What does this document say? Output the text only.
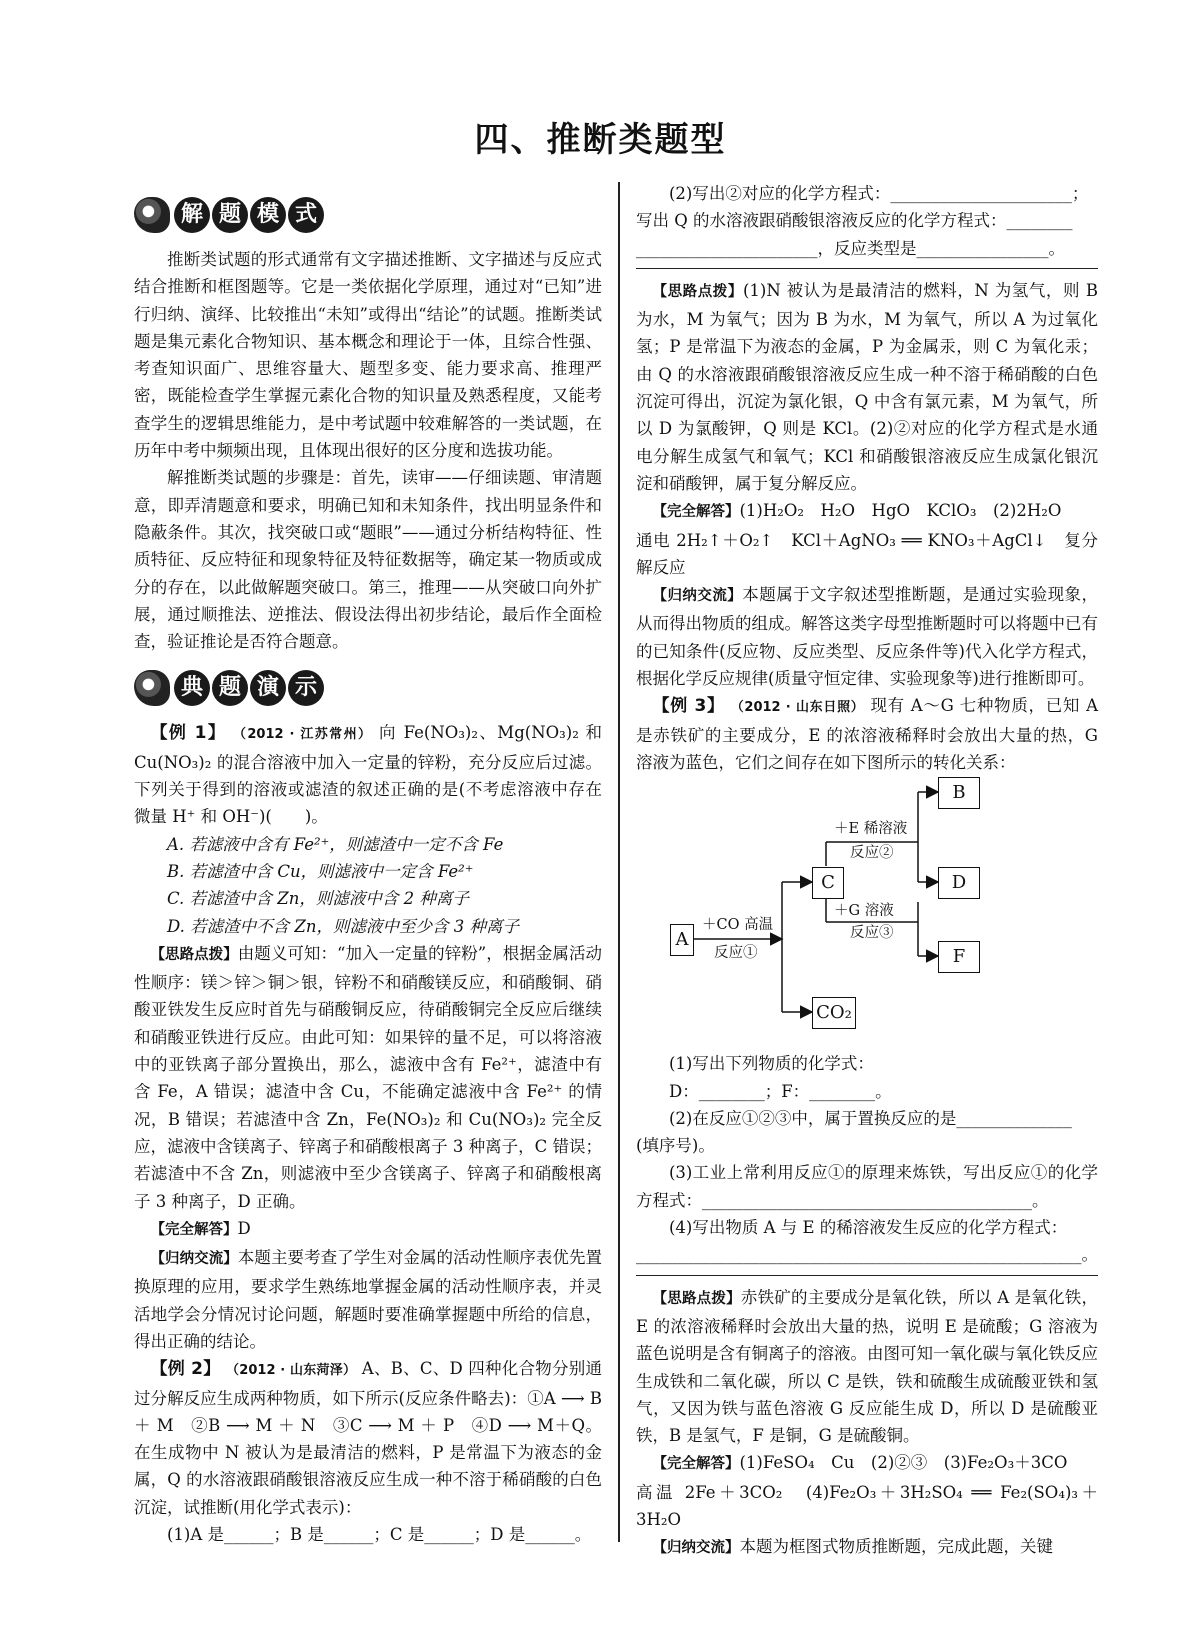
四、推断类题型
解 题 模 式

推断类试题的形式通常有文字描述推断、文字描述与反应式结合推断和框图题等。它是一类依据化学原理，通过对“已知”进行归纳、演绎、比较推出“未知”或得出“结论”的试题。推断类试题是集元素化合物知识、基本概念和理论于一体，且综合性强、考查知识面广、思维容量大、题型多变、能力要求高、推理严密，既能检查学生掌握元素化合物的知识量及熟悉程度，又能考查学生的逻辑思维能力，是中考试题中较难解答的一类试题，在历年中考中频频出现，且体现出很好的区分度和选拔功能。

解推断类试题的步骤是：首先，读审——仔细读题、审清题意，即弄清题意和要求，明确已知和未知条件，找出明显条件和隐蔽条件。其次，找突破口或“题眼”——通过分析结构特征、性质特征、反应特征和现象特征及特征数据等，确定某一物质或成分的存在，以此做解题突破口。第三，推理——从突破口向外扩展，通过顺推法、逆推法、假设法得出初步结论，最后作全面检查，验证推论是否符合题意。

典 题 演 示

【例 1】 （2012 · 江苏常州） 向 Fe(NO₃)₂、Mg(NO₃)₂ 和 Cu(NO₃)₂ 的混合溶液中加入一定量的锌粉，充分反应后过滤。下列关于得到的溶液或滤渣的叙述正确的是(不考虑溶液中存在微量 H⁺ 和 OH⁻)(　　)。

A. 若滤液中含有 Fe²⁺，则滤渣中一定不含 Fe

B. 若滤渣中含 Cu，则滤液中一定含 Fe²⁺

C. 若滤渣中含 Zn，则滤液中含 2 种离子

D. 若滤渣中不含 Zn，则滤液中至少含 3 种离子

【思路点拨】由题义可知：“加入一定量的锌粉”，根据金属活动性顺序：镁＞锌＞铜＞银，锌粉不和硝酸镁反应，和硝酸铜、硝酸亚铁发生反应时首先与硝酸铜反应，待硝酸铜完全反应后继续和硝酸亚铁进行反应。由此可知：如果锌的量不足，可以将溶液中的亚铁离子部分置换出，那么，滤液中含有 Fe²⁺，滤渣中有含 Fe，A 错误；滤渣中含 Cu，不能确定滤液中含 Fe²⁺ 的情况，B 错误；若滤渣中含 Zn，Fe(NO₃)₂ 和 Cu(NO₃)₂ 完全反应，滤液中含镁离子、锌离子和硝酸根离子 3 种离子，C 错误；若滤渣中不含 Zn，则滤液中至少含镁离子、锌离子和硝酸根离子 3 种离子，D 正确。

【完全解答】D

【归纳交流】本题主要考查了学生对金属的活动性顺序表优先置换原理的应用，要求学生熟练地掌握金属的活动性顺序表，并灵活地学会分情况讨论问题，解题时要准确掌握题中所给的信息，得出正确的结论。

【例 2】 （2012 · 山东菏泽） A、B、C、D 四种化合物分别通过分解反应生成两种物质，如下所示(反应条件略去)：①A ⟶ B ＋ M　②B ⟶ M ＋ N　③C ⟶ M ＋ P　④D ⟶ M＋Q。在生成物中 N 被认为是最清洁的燃料，P 是常温下为液态的金属，Q 的水溶液跟硝酸银溶液反应生成一种不溶于稀硝酸的白色沉淀，试推断(用化学式表示)：

(1)A 是______；B 是______；C 是______；D 是______。

(2)写出②对应的化学方程式：______________________；

写出 Q 的水溶液跟硝酸银溶液反应的化学方程式：________

______________________，反应类型是________________。

【思路点拨】(1)N 被认为是最清洁的燃料，N 为氢气，则 B 为水，M 为氧气；因为 B 为水，M 为氧气，所以 A 为过氧化氢；P 是常温下为液态的金属，P 为金属汞，则 C 为氧化汞；由 Q 的水溶液跟硝酸银溶液反应生成一种不溶于稀硝酸的白色沉淀可得出，沉淀为氯化银，Q 中含有氯元素，M 为氧气，所以 D 为氯酸钾，Q 则是 KCl。(2)②对应的化学方程式是水通电分解生成氢气和氧气；KCl 和硝酸银溶液反应生成氯化银沉淀和硝酸钾，属于复分解反应。

【完全解答】(1)H₂O₂　H₂O　HgO　KClO₃　(2)2H₂O

通电 2H₂↑＋O₂↑　KCl＋AgNO₃ ══ KNO₃＋AgCl↓　复分解反应

【归纳交流】本题属于文字叙述型推断题，是通过实验现象，从而得出物质的组成。解答这类字母型推断题时可以将题中已有的已知条件(反应物、反应类型、反应条件等)代入化学方程式，根据化学反应规律(质量守恒定律、实验现象等)进行推断即可。

【例 3】 （2012 · 山东日照） 现有 A～G 七种物质，已知 A 是赤铁矿的主要成分，E 的浓溶液稀释时会放出大量的热，G 溶液为蓝色，它们之间存在如下图所示的转化关系：

A
C
CO₂
B
D
F
＋CO 高温
反应①
＋E 稀溶液
反应②
＋G 溶液
反应③

(1)写出下列物质的化学式：

D：________；F：________。

(2)在反应①②③中，属于置换反应的是______________

(填序号)。

(3)工业上常利用反应①的原理来炼铁，写出反应①的化学方程式：________________________________________。

(4)写出物质 A 与 E 的稀溶液发生反应的化学方程式：

______________________________________________________。

【思路点拨】赤铁矿的主要成分是氧化铁，所以 A 是氧化铁，E 的浓溶液稀释时会放出大量的热，说明 E 是硫酸；G 溶液为蓝色说明是含有铜离子的溶液。由图可知一氧化碳与氧化铁反应生成铁和二氧化碳，所以 C 是铁，铁和硫酸生成硫酸亚铁和氢气，又因为铁与蓝色溶液 G 反应能生成 D，所以 D 是硫酸亚铁，B 是氢气，F 是铜，G 是硫酸铜。

【完全解答】(1)FeSO₄　Cu　(2)②③　(3)Fe₂O₃＋3CO

高温 2Fe＋3CO₂　(4)Fe₂O₃＋3H₂SO₄ ══ Fe₂(SO₄)₃＋3H₂O

【归纳交流】本题为框图式物质推断题，完成此题，关键
